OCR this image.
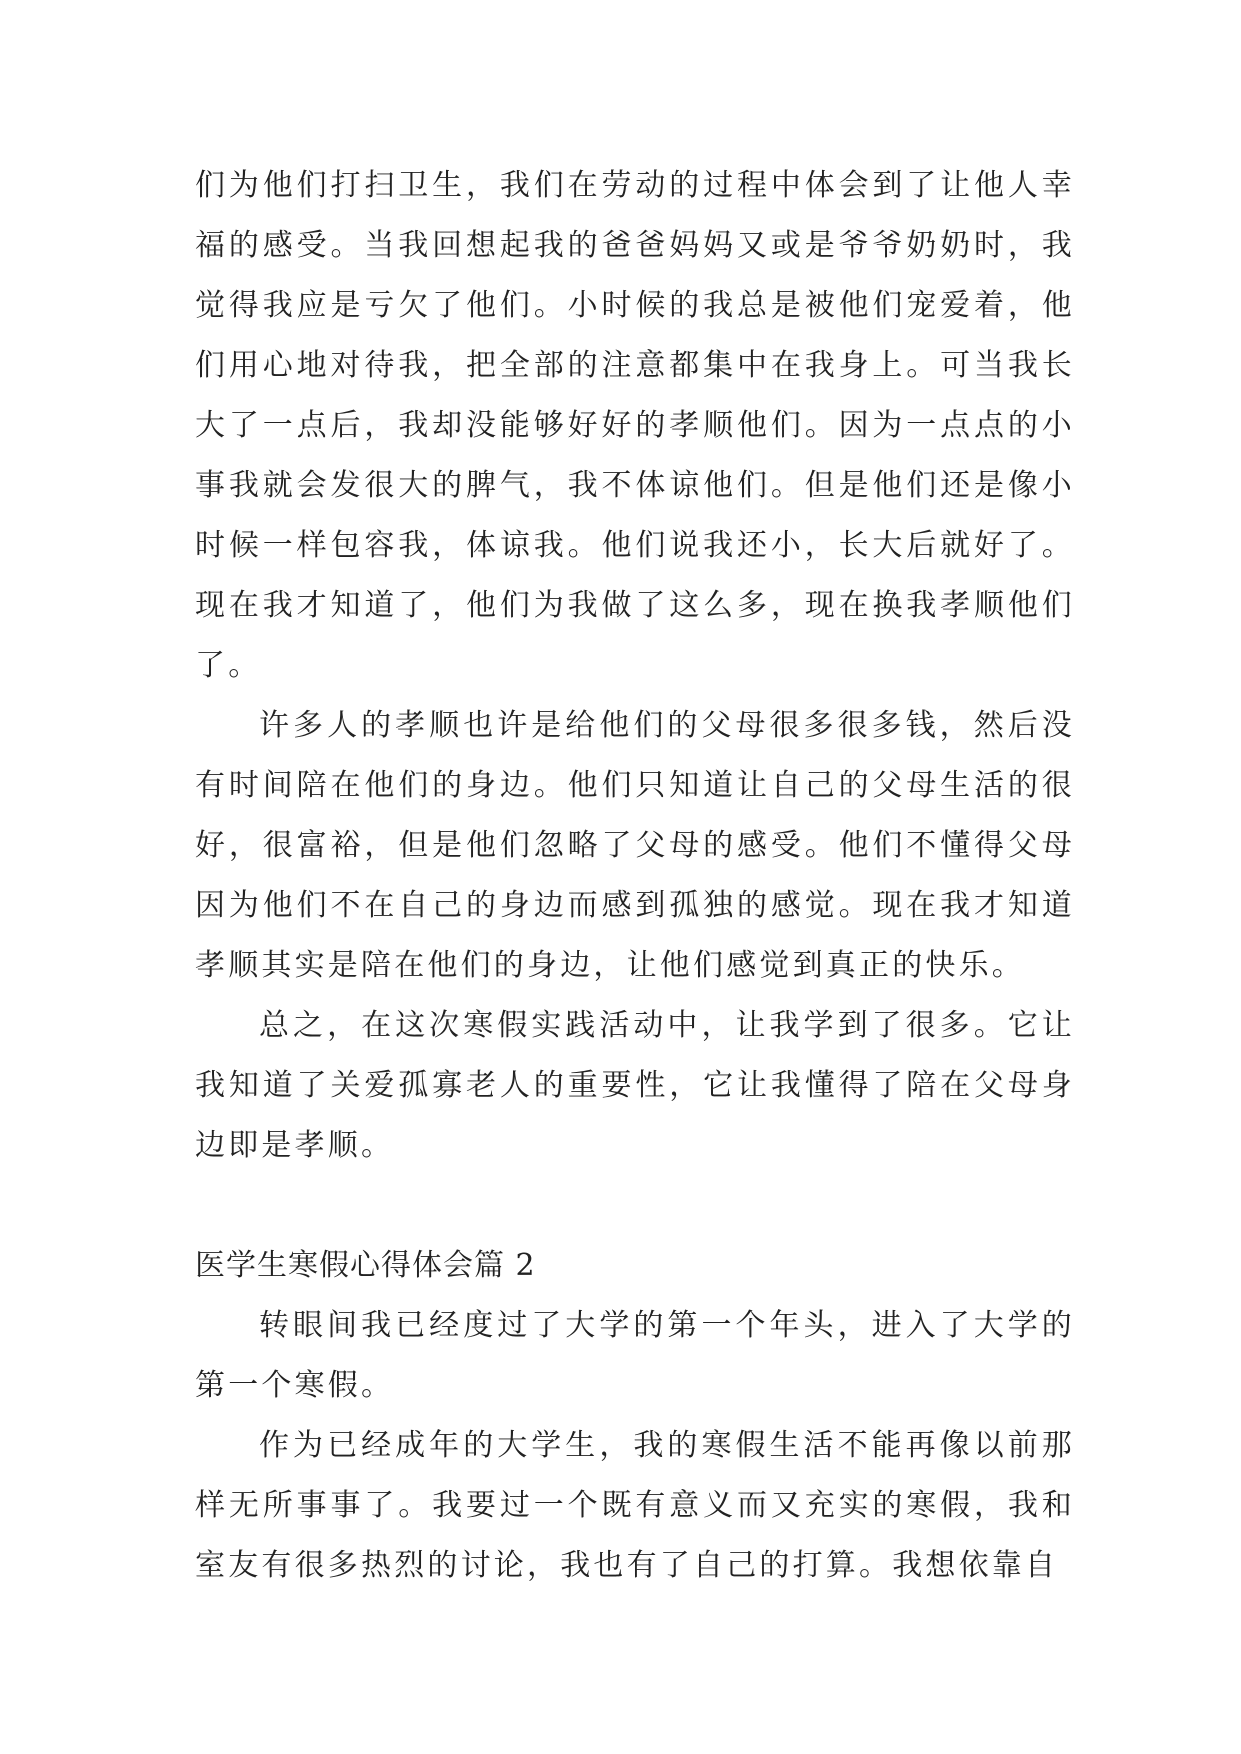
们为他们打扫卫生，我们在劳动的过程中体会到了让他人幸福的感受。当我回想起我的爸爸妈妈又或是爷爷奶奶时，我觉得我应是亏欠了他们。小时候的我总是被他们宠爱着，他们用心地对待我，把全部的注意都集中在我身上。可当我长大了一点后，我却没能够好好的孝顺他们。因为一点点的小事我就会发很大的脾气，我不体谅他们。但是他们还是像小时候一样包容我，体谅我。他们说我还小，长大后就好了。现在我才知道了，他们为我做了这么多，现在换我孝顺他们了。

许多人的孝顺也许是给他们的父母很多很多钱，然后没有时间陪在他们的身边。他们只知道让自己的父母生活的很好，很富裕，但是他们忽略了父母的感受。他们不懂得父母因为他们不在自己的身边而感到孤独的感觉。现在我才知道孝顺其实是陪在他们的身边，让他们感觉到真正的快乐。

总之，在这次寒假实践活动中，让我学到了很多。它让我知道了关爱孤寡老人的重要性，它让我懂得了陪在父母身边即是孝顺。

医学生寒假心得体会篇 2

转眼间我已经度过了大学的第一个年头，进入了大学的第一个寒假。

作为已经成年的大学生，我的寒假生活不能再像以前那样无所事事了。我要过一个既有意义而又充实的寒假，我和室友有很多热烈的讨论，我也有了自己的打算。我想依靠自
